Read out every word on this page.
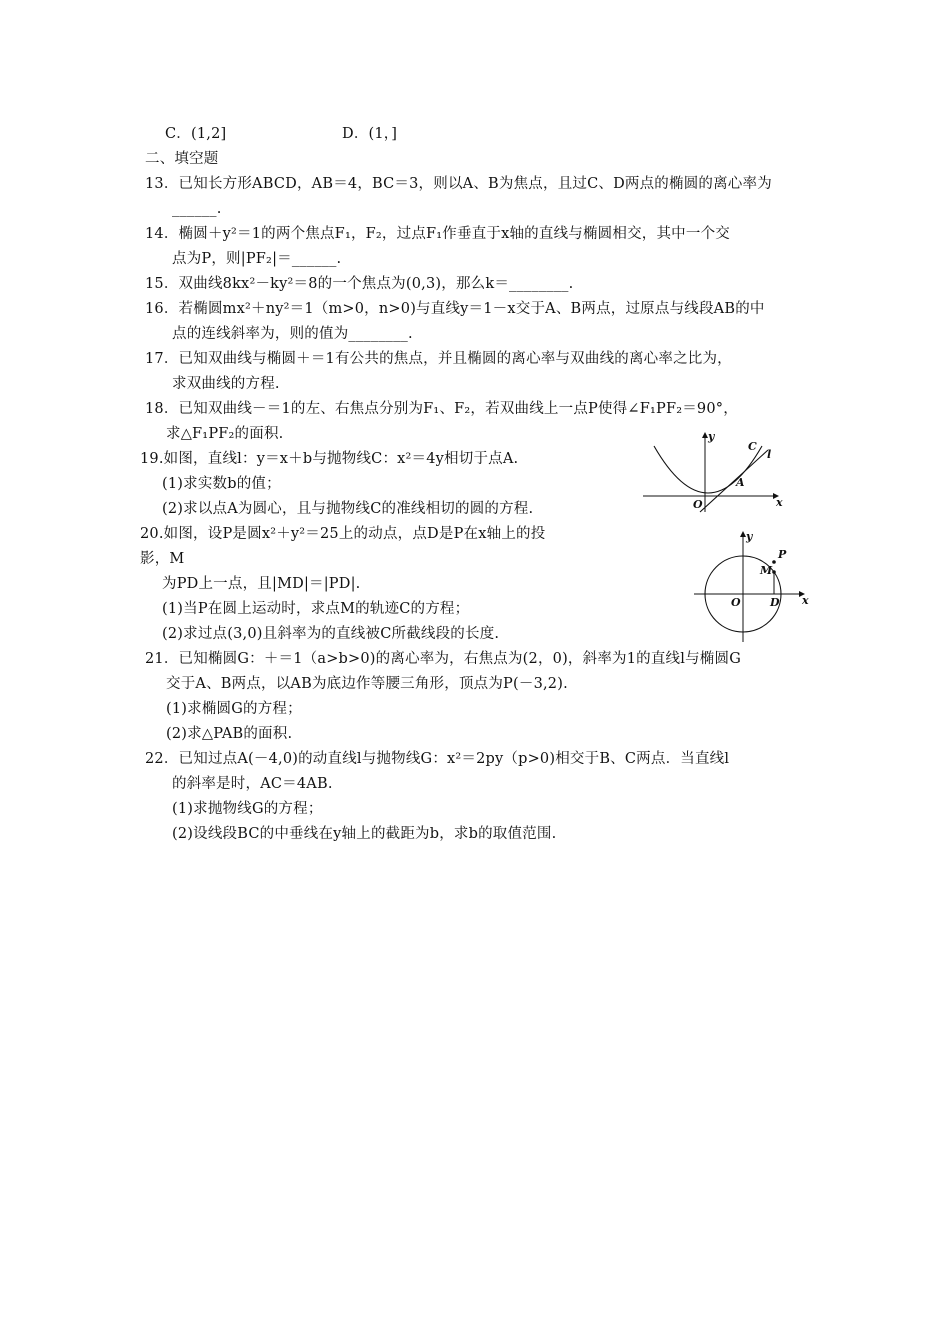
C．(1,2]	D．(1，]
二、填空题
13．已知长方形ABCD，AB＝4，BC＝3，则以A、B为焦点，且过C、D两点的椭圆的离心率为
______.
14．椭圆＋y²＝1的两个焦点F₁，F₂，过点F₁作垂直于x轴的直线与椭圆相交，其中一个交
点为P，则|PF₂|＝______.
15．双曲线8kx²－ky²＝8的一个焦点为(0,3)，那么k＝________.
16．若椭圆mx²＋ny²＝1（m>0，n>0)与直线y＝1－x交于A、B两点，过原点与线段AB的中
点的连线斜率为，则的值为________.
17．已知双曲线与椭圆＋＝1有公共的焦点，并且椭圆的离心率与双曲线的离心率之比为，
求双曲线的方程.
18．已知双曲线－＝1的左、右焦点分别为F₁、F₂，若双曲线上一点P使得∠F₁PF₂＝90°，
求△F₁PF₂的面积.
19.如图，直线l：y＝x＋b与抛物线C：x²＝4y相切于点A.
(1)求实数b的值；
(2)求以点A为圆心，且与抛物线C的准线相切的圆的方程.
20.如图，设P是圆x²＋y²＝25上的动点，点D是P在x轴上的投
影，M
为PD上一点，且|MD|＝|PD|.
(1)当P在圆上运动时，求点M的轨迹C的方程；
(2)求过点(3,0)且斜率为的直线被C所截线段的长度.
21．已知椭圆G：＋＝1（a>b>0)的离心率为，右焦点为(2，0)，斜率为1的直线l与椭圆G
交于A、B两点，以AB为底边作等腰三角形，顶点为P(－3,2).
(1)求椭圆G的方程；
(2)求△PAB的面积.
22．已知过点A(－4,0)的动直线l与抛物线G：x²＝2py（p>0)相交于B、C两点．当直线l
的斜率是时，AC＝4AB.
(1)求抛物线G的方程；
(2)设线段BC的中垂线在y轴上的截距为b，求b的取值范围.
y
C
l
A
O	x
y
P
M
O	D x
